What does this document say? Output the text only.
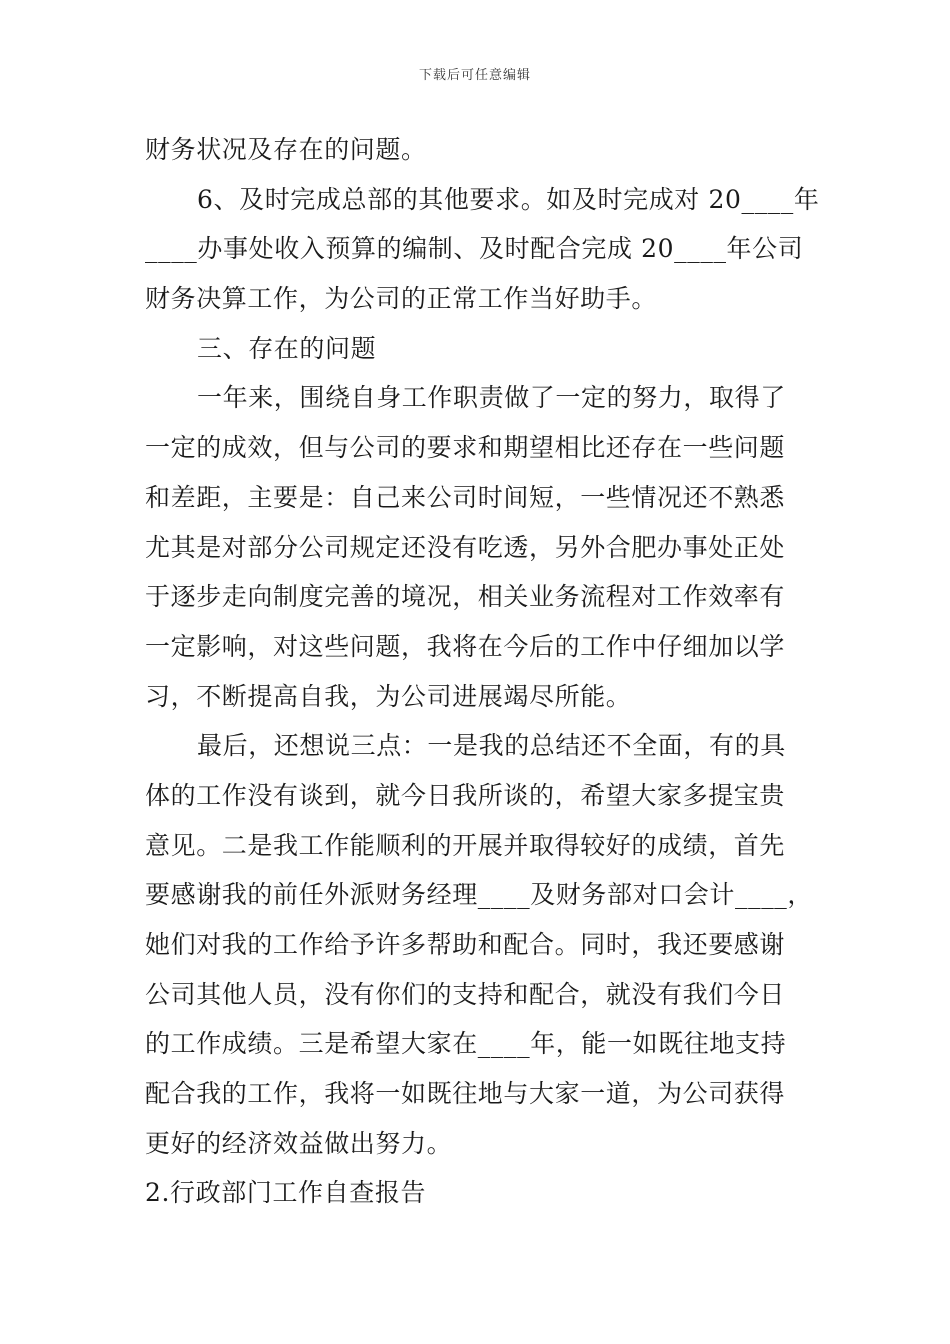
下载后可任意编辑
财务状况及存在的问题。
6、及时完成总部的其他要求。如及时完成对 20____年
____办事处收入预算的编制、及时配合完成 20____年公司
财务决算工作，为公司的正常工作当好助手。
三、存在的问题
一年来，围绕自身工作职责做了一定的努力，取得了
一定的成效，但与公司的要求和期望相比还存在一些问题
和差距，主要是：自己来公司时间短，一些情况还不熟悉
尤其是对部分公司规定还没有吃透，另外合肥办事处正处
于逐步走向制度完善的境况，相关业务流程对工作效率有
一定影响，对这些问题，我将在今后的工作中仔细加以学
习，不断提高自我，为公司进展竭尽所能。
最后，还想说三点：一是我的总结还不全面，有的具
体的工作没有谈到，就今日我所谈的，希望大家多提宝贵
意见。二是我工作能顺利的开展并取得较好的成绩，首先
要感谢我的前任外派财务经理____及财务部对口会计____，
她们对我的工作给予许多帮助和配合。同时，我还要感谢
公司其他人员，没有你们的支持和配合，就没有我们今日
的工作成绩。三是希望大家在____年，能一如既往地支持
配合我的工作，我将一如既往地与大家一道，为公司获得
更好的经济效益做出努力。
2.行政部门工作自查报告
